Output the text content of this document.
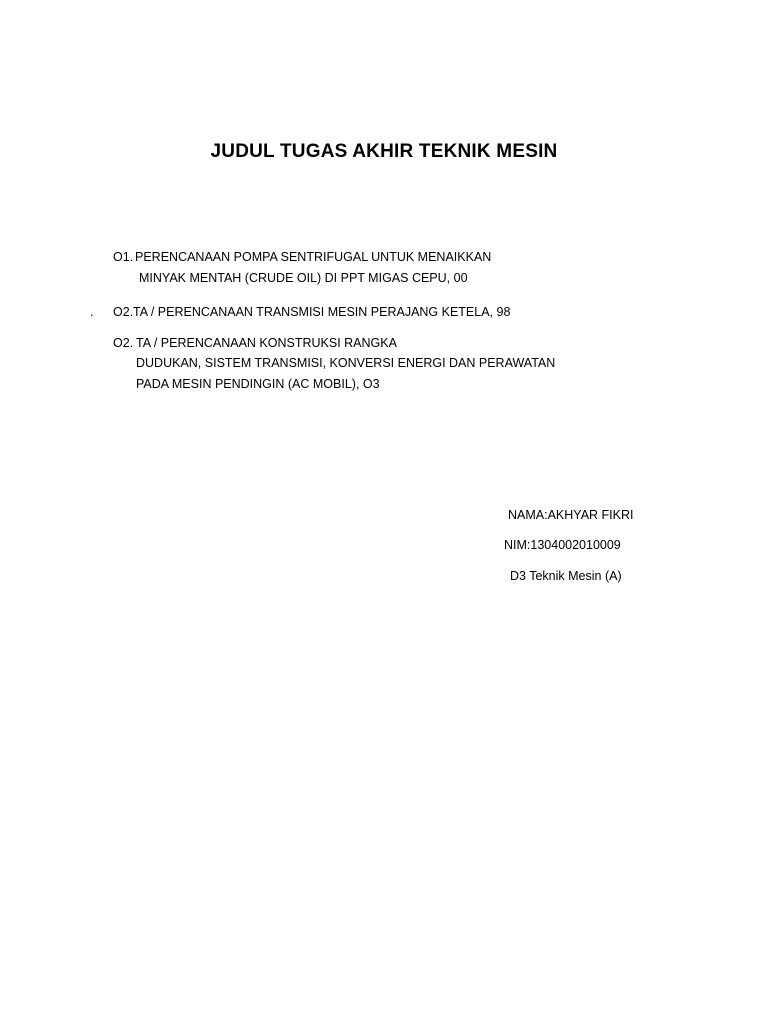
JUDUL TUGAS AKHIR TEKNIK MESIN
O1. PERENCANAAN POMPA SENTRIFUGAL UNTUK MENAIKKAN
MINYAK MENTAH (CRUDE OIL) DI PPT MIGAS CEPU, 00
. O2. TA / PERENCANAAN TRANSMISI MESIN PERAJANG KETELA, 98
O2. TA / PERENCANAAN KONSTRUKSI RANGKA
DUDUKAN, SISTEM TRANSMISI, KONVERSI ENERGI DAN PERAWATAN
PADA MESIN PENDINGIN (AC MOBIL), O3
NAMA:AKHYAR FIKRI
NIM:1304002010009
D3 Teknik Mesin (A)
